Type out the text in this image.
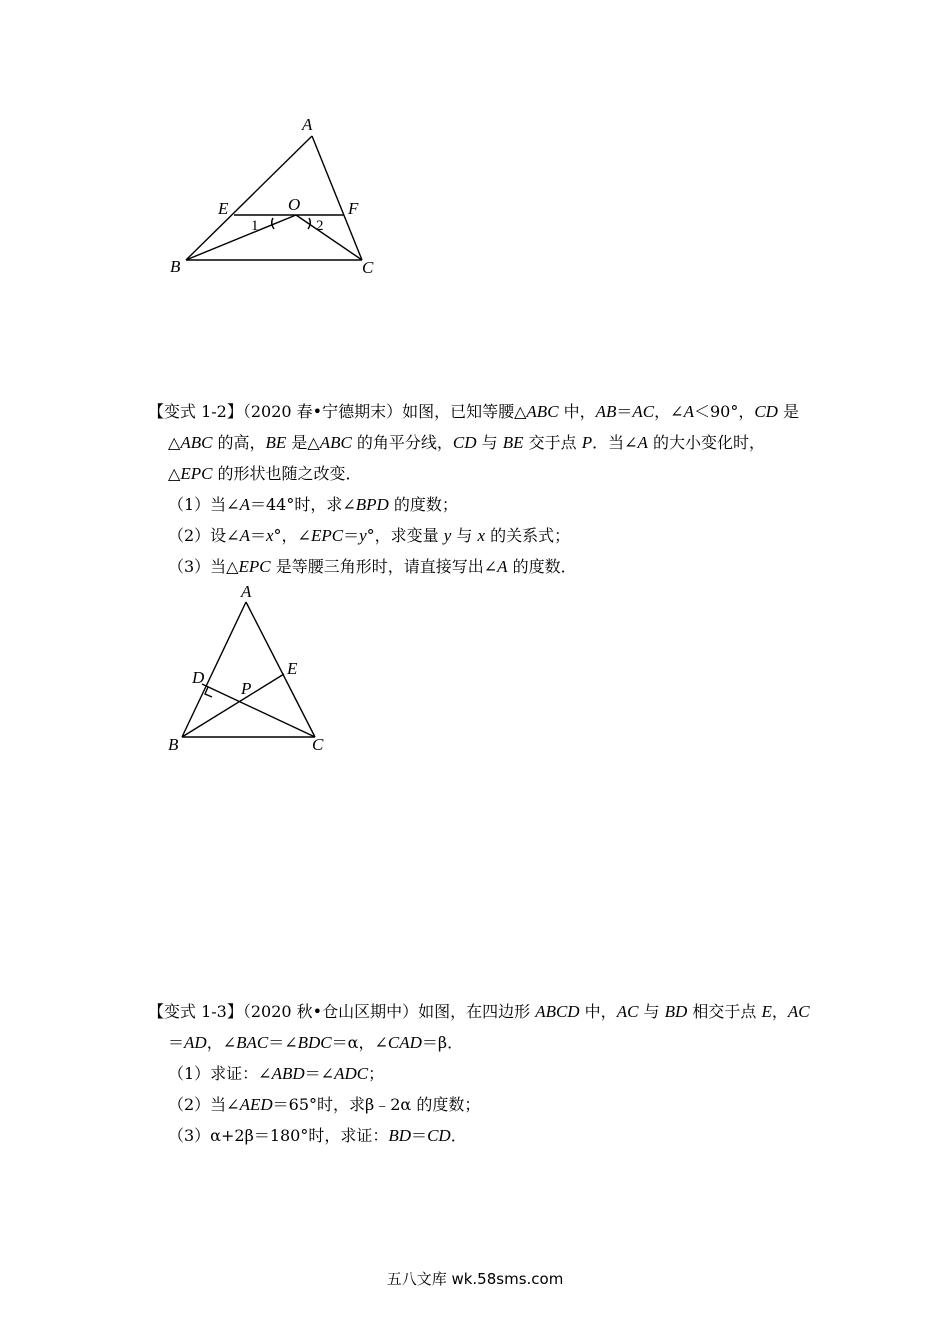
A
E	O	F
1	2
B	C
【变式 1-2】（2020 春•宁德期末）如图，已知等腰△ABC 中，AB＝AC，∠A＜90°，CD 是
△ABC 的高，BE 是△ABC 的角平分线，CD 与 BE 交于点 P．当∠A 的大小变化时，
△EPC 的形状也随之改变．
（1）当∠A＝44°时，求∠BPD 的度数；
（2）设∠A＝x°，∠EPC＝y°，求变量 y 与 x 的关系式；
（3）当△EPC 是等腰三角形时，请直接写出∠A 的度数．
A
D	E
P
B	C
【变式 1-3】（2020 秋•仓山区期中）如图，在四边形 ABCD 中，AC 与 BD 相交于点 E，AC
＝AD，∠BAC＝∠BDC＝α，∠CAD＝β．
（1）求证：∠ABD＝∠ADC；
（2）当∠AED＝65°时，求β﹣2α 的度数；
（3）α+2β＝180°时，求证：BD＝CD．
五八文库 wk.58sms.com
